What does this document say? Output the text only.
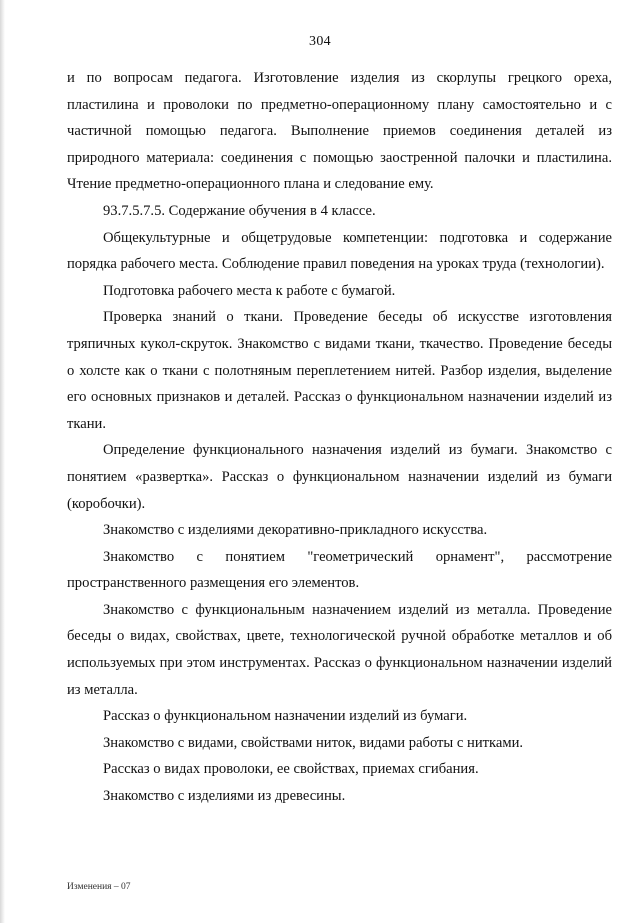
304

и по вопросам педагога. Изготовление изделия из скорлупы грецкого ореха, пластилина и проволоки по предметно-операционному плану самостоятельно и с частичной помощью педагога. Выполнение приемов соединения деталей из природного материала: соединения с помощью заостренной палочки и пластилина. Чтение предметно-операционного плана и следование ему.

93.7.5.7.5. Содержание обучения в 4 классе.

Общекультурные и общетрудовые компетенции: подготовка и содержание порядка рабочего места. Соблюдение правил поведения на уроках труда (технологии).

Подготовка рабочего места к работе с бумагой.

Проверка знаний о ткани. Проведение беседы об искусстве изготовления тряпичных кукол-скруток. Знакомство с видами ткани, ткачество. Проведение беседы о холсте как о ткани с полотняным переплетением нитей. Разбор изделия, выделение его основных признаков и деталей. Рассказ о функциональном назначении изделий из ткани.

Определение функционального назначения изделий из бумаги. Знакомство с понятием «развертка». Рассказ о функциональном назначении изделий из бумаги (коробочки).

Знакомство с изделиями декоративно-прикладного искусства.

Знакомство с понятием "геометрический орнамент", рассмотрение пространственного размещения его элементов.

Знакомство с функциональным назначением изделий из металла. Проведение беседы о видах, свойствах, цвете, технологической ручной обработке металлов и об используемых при этом инструментах. Рассказ о функциональном назначении изделий из металла.

Рассказ о функциональном назначении изделий из бумаги.

Знакомство с видами, свойствами ниток, видами работы с нитками.

Рассказ о видах проволоки, ее свойствах, приемах сгибания.

Знакомство с изделиями из древесины.

Изменения – 07
